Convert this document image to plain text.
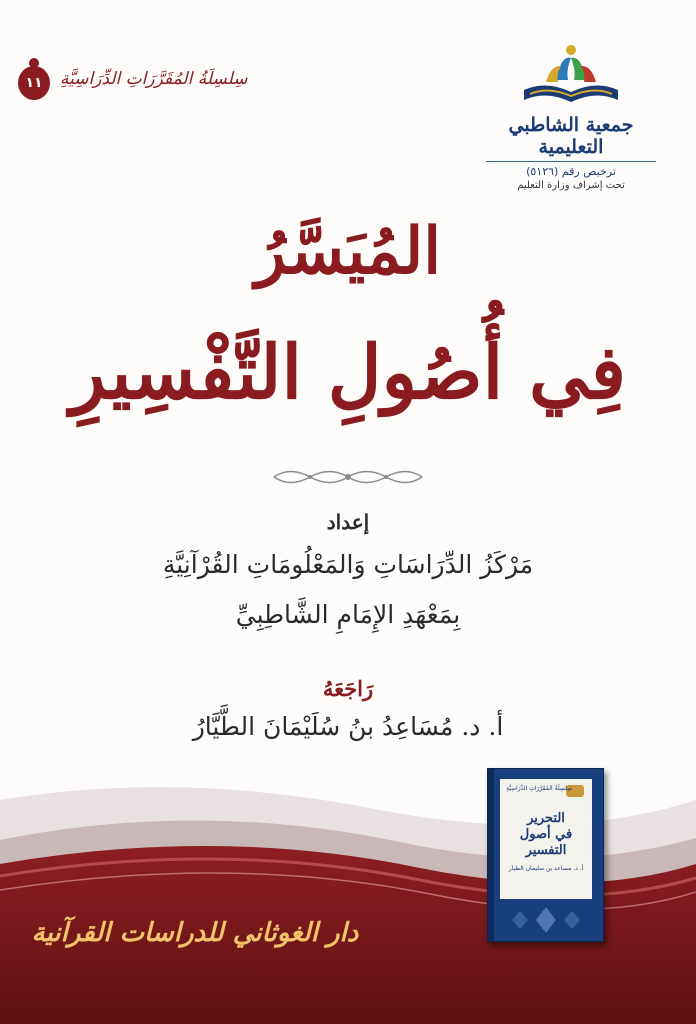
١١	سِلسِلَةُ المُقَرَّرَاتِ الدِّرَاسِيَّةِ
جمعية الشاطبي التعليمية
ترخيص رقم (٥١٢٦)
تحت إشراف وزارة التعليم
المُيَسَّرُ
فِي أُصُولِ التَّفْسِيرِ
إعداد
مَرْكَزُ الدِّرَاسَاتِ وَالمَعْلُومَاتِ القُرْآنِيَّةِ
بِمَعْهَدِ الإِمَامِ الشَّاطِبِيِّ
رَاجَعَهُ
أ. د. مُسَاعِدُ بنُ سُلَيْمَانَ الطَّيَّارُ
دار الغوثاني للدراسات القرآنية
سِلسِلَةُ المُقَرَّرَاتِ الدِّرَاسِيَّةِ
التحرير
في أصول التفسير
أ. د. مساعد بن سليمان الطيار
